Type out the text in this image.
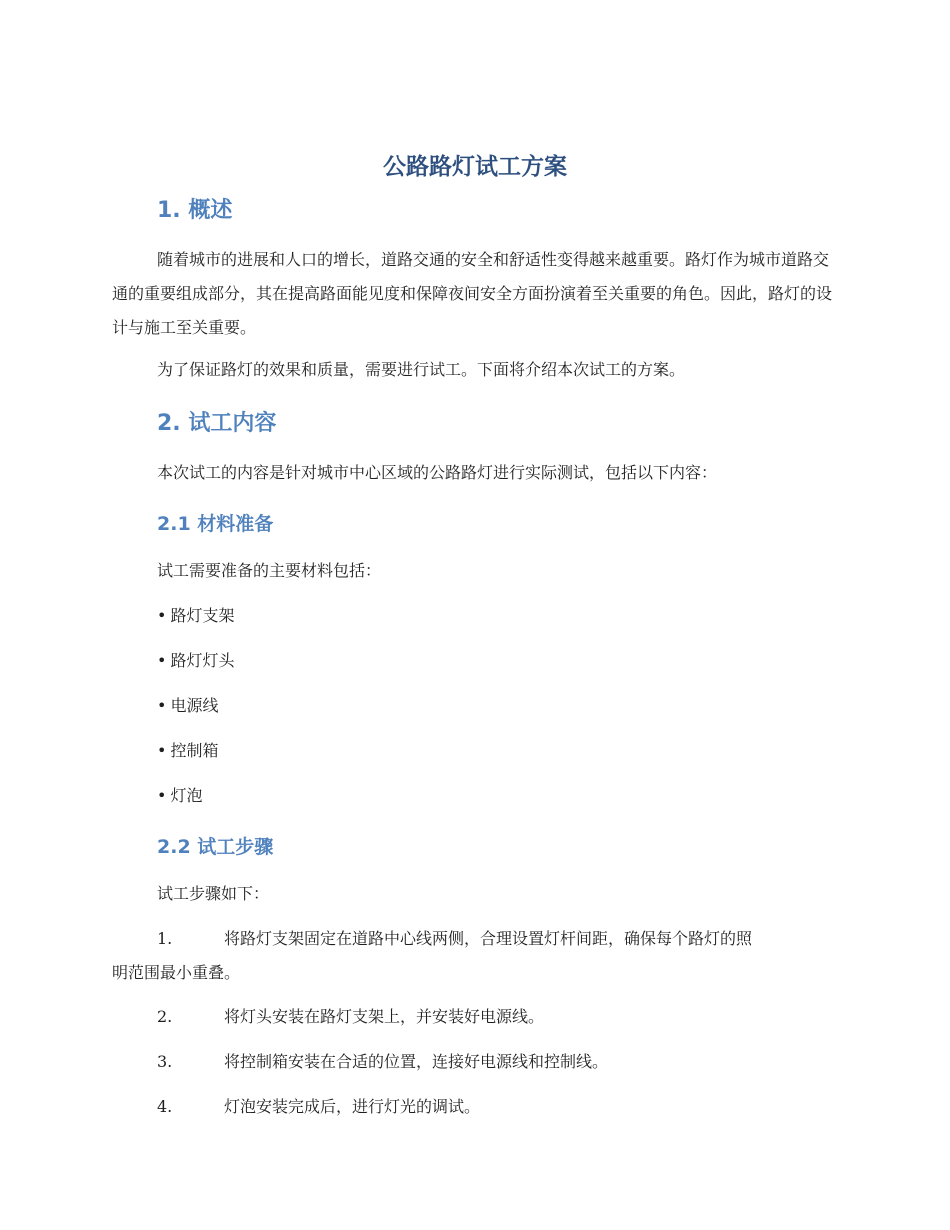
公路路灯试工方案
1. 概述
随着城市的进展和人口的增长，道路交通的安全和舒适性变得越来越重要。路灯作为城市道路交通的重要组成部分，其在提高路面能见度和保障夜间安全方面扮演着至关重要的角色。因此，路灯的设计与施工至关重要。
为了保证路灯的效果和质量，需要进行试工。下面将介绍本次试工的方案。
2. 试工内容
本次试工的内容是针对城市中心区域的公路路灯进行实际测试，包括以下内容：
2.1 材料准备
试工需要准备的主要材料包括：
• 路灯支架
• 路灯灯头
• 电源线
• 控制箱
• 灯泡
2.2 试工步骤
试工步骤如下：
1.	将路灯支架固定在道路中心线两侧，合理设置灯杆间距，确保每个路灯的照
明范围最小重叠。
2.	将灯头安装在路灯支架上，并安装好电源线。
3.	将控制箱安装在合适的位置，连接好电源线和控制线。
4.	灯泡安装完成后，进行灯光的调试。
